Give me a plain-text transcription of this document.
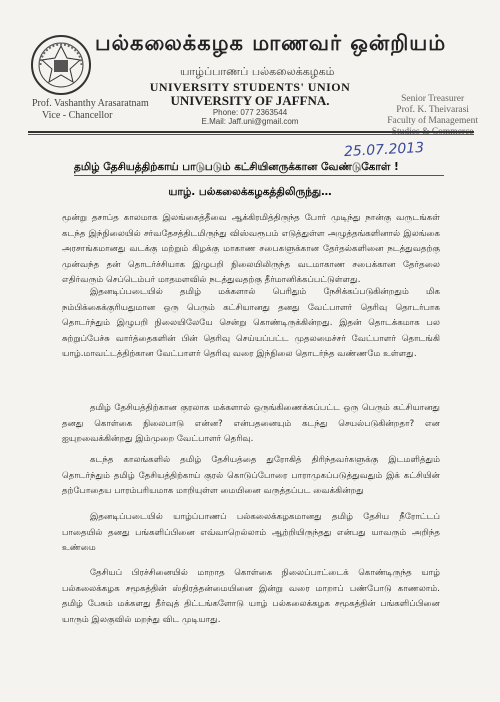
பல்கலைக்கழக மாணவர் ஒன்றியம்
யாழ்ப்பாணப் பல்கலைக்கழகம்
UNIVERSITY STUDENTS' UNION
UNIVERSITY OF JAFFNA.
Phone: 077 2363544
E.Mail: Jaff.uni@gmail.com
Prof. Vashanthy Arasaratnam
Vice - Chancellor
Senior Treasurer
Prof. K. Theivarasi
Faculty of Management
Studies & Commerce
25.07.2013
தமிழ் தேசியத்திற்காய் பாடுபடும் கட்சியினருக்கான வேண்டுகோள் !
யாழ். பல்கலைக்கழகத்திலிருந்து…

மூன்று தசாப்த காலமாக இலங்கைத்தீவை ஆக்கிரமித்திருந்த போர் முடிந்து நான்கு வருடங்கள் கடந்த இந்நிலையில் சர்வதேசத்திடமிருந்து விஸ்வரூபம் எடுத்துள்ள அழுத்தங்களினால் இலங்கை அரசாங்கமானது வடக்கு மற்றும் கிழக்கு மாகாண சபைகளுக்கான தேர்தல்களினை நடத்துவதற்கு முன்வந்த தன் தொடர்ச்சியாக இழுபறி நிலையிலிருந்த வடமாகாண சபைக்கான தேர்தலை எதிர்வரும் செப்டெம்பர் மாதமளவில் நடத்துவதற்கு தீர்மானிக்கப்பட்டுள்ளது.

இதனடிப்படையில் தமிழ் மக்களால் பெரிதும் நேசிக்கப்படுகின்றதும் மிக நம்பிக்கைக்குரியதுமான ஒரு பெரும் கட்சியானது தனது வேட்பாளர் தெரிவு தொடர்பாக தொடர்ந்தும் இழுபறி நிலையிலேயே சென்று கொண்டிருக்கின்றது. இதன் தொடக்கமாக பல சுற்றுப்பேச்சு வார்த்தைகளின் பின் தெரிவு செய்யப்பட்ட முதலமைச்சர் வேட்பாளர் தொடங்கி யாழ்.மாவட்டத்திற்கான வேட்பாளர் தெரிவு வரை இந்நிலை தொடர்ந்த வண்ணமே உள்ளது.

தமிழ் தேசியத்திற்கான குரலாக மக்களால் ஒருங்கிணைக்கப்பட்ட ஒரு பெரும் கட்சியானது தனது கொள்கை நிலைபாடு என்ன? என்பதனையும் கடந்து செயல்படுகின்றதா? என ஐயுறவைக்கின்றது இம்முறை வேட்பாளர் தெரிவு.

கடந்த காலங்களில் தமிழ் தேசியத்தை துரோகித் திரிந்தவர்களுக்கு இடமளித்தும் தொடர்ந்தும் தமிழ் தேசியத்திற்காய் குரல் கொடுப்போரை பாராமுகப்படுத்துவதும் இக் கட்சியின் தற்போதைய பாரம்பரியமாக மாறியுள்ள மையினை வருத்தப்பட வைக்கின்றது

இதனடிப்படையில் யாழ்ப்பாணப் பல்கலைக்கழகமானது தமிழ் தேசிய நீரோட்டப் பாதையில் தனது பங்களிப்பினை எவ்வாறெல்லாம் ஆற்றியிருந்தது என்பது யாவரும் அறிந்த உண்மை

தேசியப் பிரச்சினையில் மாறாத கொள்கை நிலைப்பாட்டைக் கொண்டிருந்த யாழ் பல்கலைக்கழக சமூகத்தின் ஸ்திரத்தன்மையினை இன்று வரை மாறாப் பண்போடு காணலாம். தமிழ் பேசும் மக்களது தீர்வுத் திட்டங்களோடு யாழ் பல்கலைக்கழக சமூகத்தின் பங்களிப்பினை யாரும் இலகுவில் மறந்து விட முடியாது.
